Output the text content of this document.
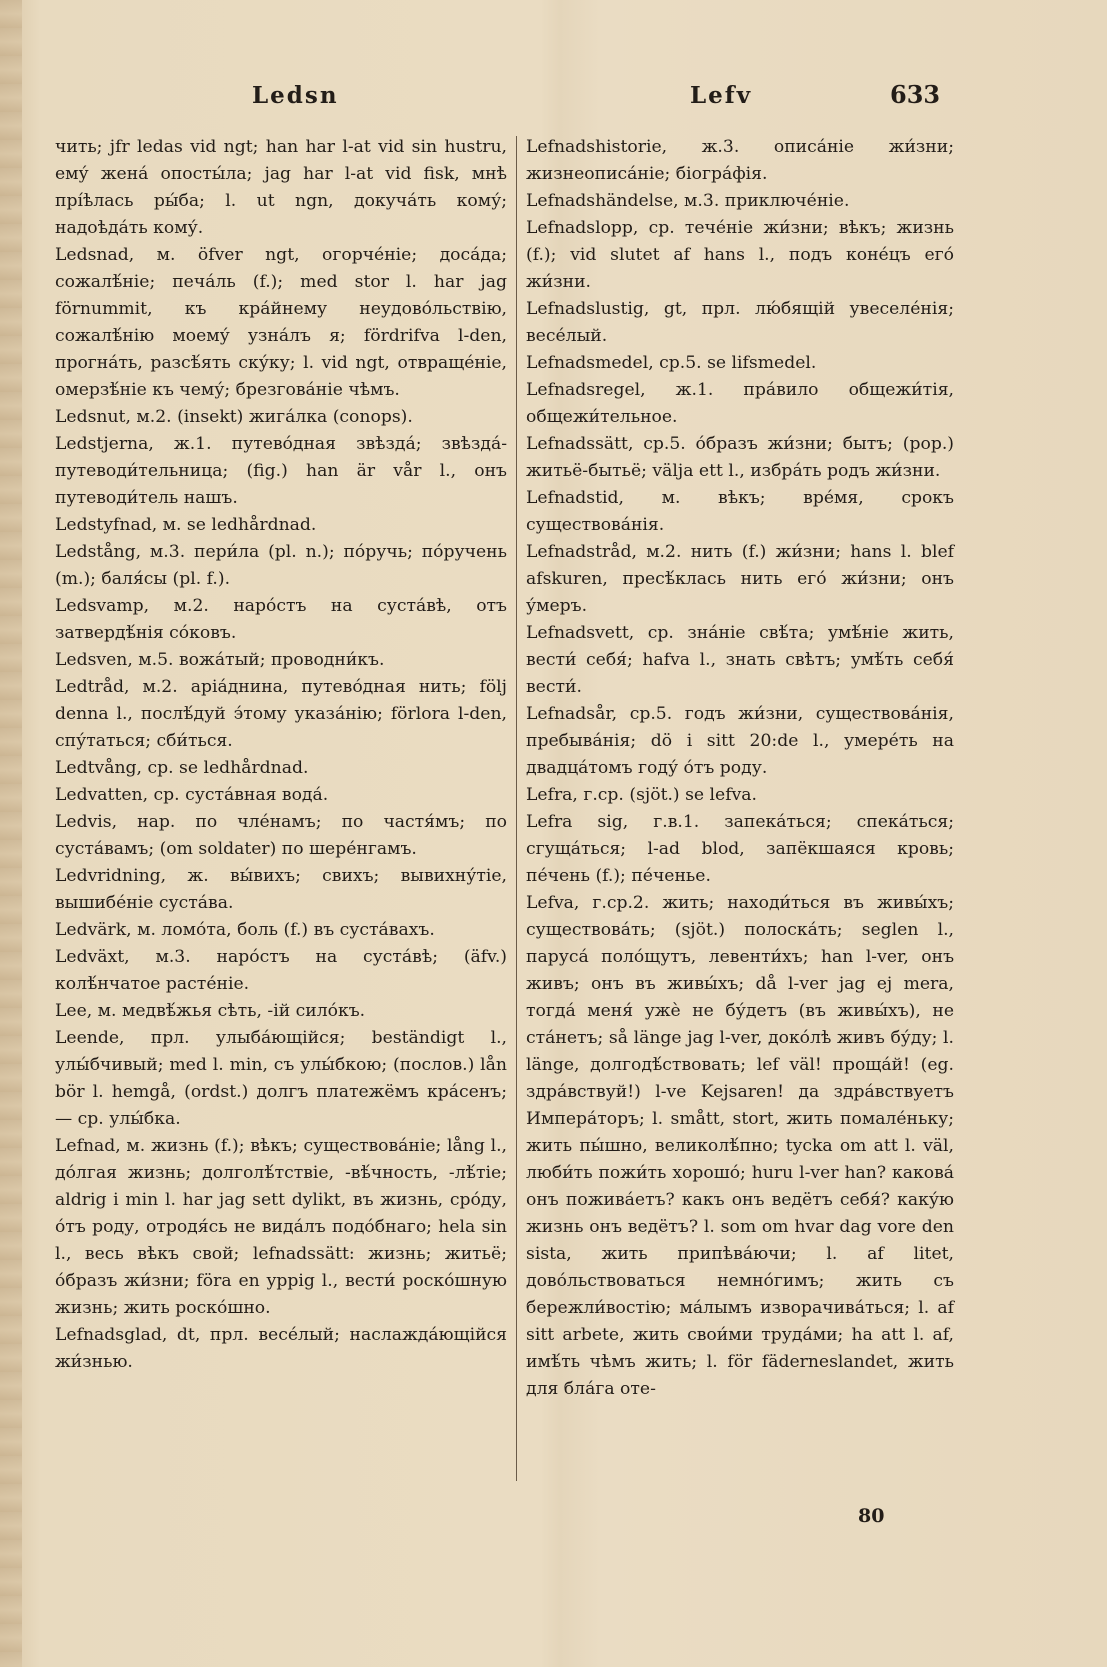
Ledsn	Lefv	633

чить; jfr ledas vid ngt; han har l-at vid sin hustru, ему́ жена́ опосты́ла; jag har l-at vid fisk, мнѣ прі́ѣлась ры́ба; l. ut ngn, докуча́ть кому́; надоѣда́ть кому́.

Ledsnad, м. öfver ngt, огорче́ніе; доса́да; сожалѣ́ніе; печа́ль (f.); med stor l. har jag förnummit, къ кра́йнему неудово́льствію, сожалѣ́нію моему́ узна́лъ я; fördrifva l-den, прогна́ть, разсѣ́ять ску́ку; l. vid ngt, отвраще́ніе, омерзѣ́ніе къ чему́; брезгова́ніе чѣмъ.

Ledsnut, м.2. (insekt) жига́лка (conops).

Ledstjerna, ж.1. путево́дная звѣзда́; звѣзда́-путеводи́тельница; (fig.) han är vår l., онъ путеводи́тель нашъ.

Ledstyfnad, м. se ledhårdnad.

Ledstång, м.3. пери́ла (pl. n.); по́ручь; по́ручень (m.); баля́сы (pl. f.).

Ledsvamp, м.2. наро́стъ на суста́вѣ, отъ затвердѣ́нія со́ковъ.

Ledsven, м.5. вожа́тый; проводни́къ.

Ledtråd, м.2. аріа́днина, путево́дная нить; följ denna l., послѣ́дуй э́тому указа́нію; förlora l-den, спу́таться; сби́ться.

Ledtvång, ср. se ledhårdnad.

Ledvatten, ср. суста́вная вода́.

Ledvis, нар. по чле́намъ; по частя́мъ; по суста́вамъ; (om soldater) по шере́нгамъ.

Ledvridning, ж. вы́вихъ; свихъ; вывихну́тіе, вышибе́ніе суста́ва.

Ledvärk, м. ломо́та, боль (f.) въ суста́вахъ.

Ledväxt, м.3. наро́стъ на суста́вѣ; (äfv.) колѣ́нчатое расте́ніе.

Lee, м. медвѣ́жья сѣть, -ій сило́къ.

Leende, прл. улыба́ющійся; beständigt l., улы́бчивый; med l. min, съ улы́бкою; (послов.) lån bör l. hemgå, (ordst.) долгъ платежёмъ кра́сенъ; — ср. улы́бка.

Lefnad, м. жизнь (f.); вѣкъ; существова́ніе; lång l., до́лгая жизнь; долголѣ́тствіе, -вѣ́чность, -лѣ́тіе; aldrig i min l. har jag sett dylikt, въ жизнь, сро́ду, о́тъ роду, отродя́сь не вида́лъ подо́бнаго; hela sin l., весь вѣкъ свой; lefnadssätt: жизнь; житьё; о́бразъ жи́зни; föra en yppig l., вести́ роско́шную жизнь; жить роско́шно.

Lefnadsglad, dt, прл. весе́лый; наслажда́ющійся жи́знью.

Lefnadshistorie, ж.3. описа́ніе жи́зни; жизнеописа́ніе; біогра́фія.

Lefnadshändelse, м.3. приключе́ніе.

Lefnadslopp, ср. тече́ніе жи́зни; вѣкъ; жизнь (f.); vid slutet af hans l., подъ коне́цъ его́ жи́зни.

Lefnadslustig, gt, прл. лю́бящій увеселе́нія; весе́лый.

Lefnadsmedel, ср.5. se lifsmedel.

Lefnadsregel, ж.1. пра́вило общежи́тія, общежи́тельное.

Lefnadssätt, ср.5. о́бразъ жи́зни; бытъ; (pop.) житьё-бытьё; välja ett l., избра́ть родъ жи́зни.

Lefnadstid, м. вѣкъ; вре́мя, срокъ существова́нія.

Lefnadstråd, м.2. нить (f.) жи́зни; hans l. blef afskuren, пресѣ́клась нить его́ жи́зни; онъ у́меръ.

Lefnadsvett, ср. зна́ніе свѣ́та; умѣ́ніе жить, вести́ себя́; hafva l., знать свѣтъ; умѣ́ть себя́ вести́.

Lefnadsår, ср.5. годъ жи́зни, существова́нія, пребыва́нія; dö i sitt 20:de l., умере́ть на двадца́томъ году́ о́тъ роду.

Lefra, г.ср. (sjöt.) se lefva.

Lefra sig, г.в.1. запека́ться; спека́ться; сгуща́ться; l-ad blod, запёкшаяся кровь; пе́чень (f.); пе́ченье.

Lefva, г.ср.2. жить; находи́ться въ живы́хъ; существова́ть; (sjöt.) полоска́ть; seglen l., паруса́ поло́щутъ, левенти́хъ; han l-ver, онъ живъ; онъ въ живы́хъ; då l-ver jag ej mera, тогда́ меня́ ужѐ не бу́детъ (въ живы́хъ), не ста́нетъ; så länge jag l-ver, доко́лѣ живъ бу́ду; l. länge, долгодѣ́ствовать; lef väl! проща́й! (eg. здра́вствуй!) l-ve Kejsaren! да здра́вствуетъ Импера́торъ; l. smått, stort, жить помале́ньку; жить пы́шно, великолѣ́пно; tycka om att l. väl, люби́ть пожи́ть хорошо́; huru l-ver han? какова́ онъ пожива́етъ? какъ онъ ведётъ себя́? каку́ю жизнь онъ ведётъ? l. som om hvar dag vore den sista, жить припѣва́ючи; l. af litet, дово́льствоваться немно́гимъ; жить съ бережли́востію; ма́лымъ изворачива́ться; l. af sitt arbete, жить свои́ми труда́ми; ha att l. af, имѣ́ть чѣмъ жить; l. för fäderneslandet, жить для бла́га оте-

80
